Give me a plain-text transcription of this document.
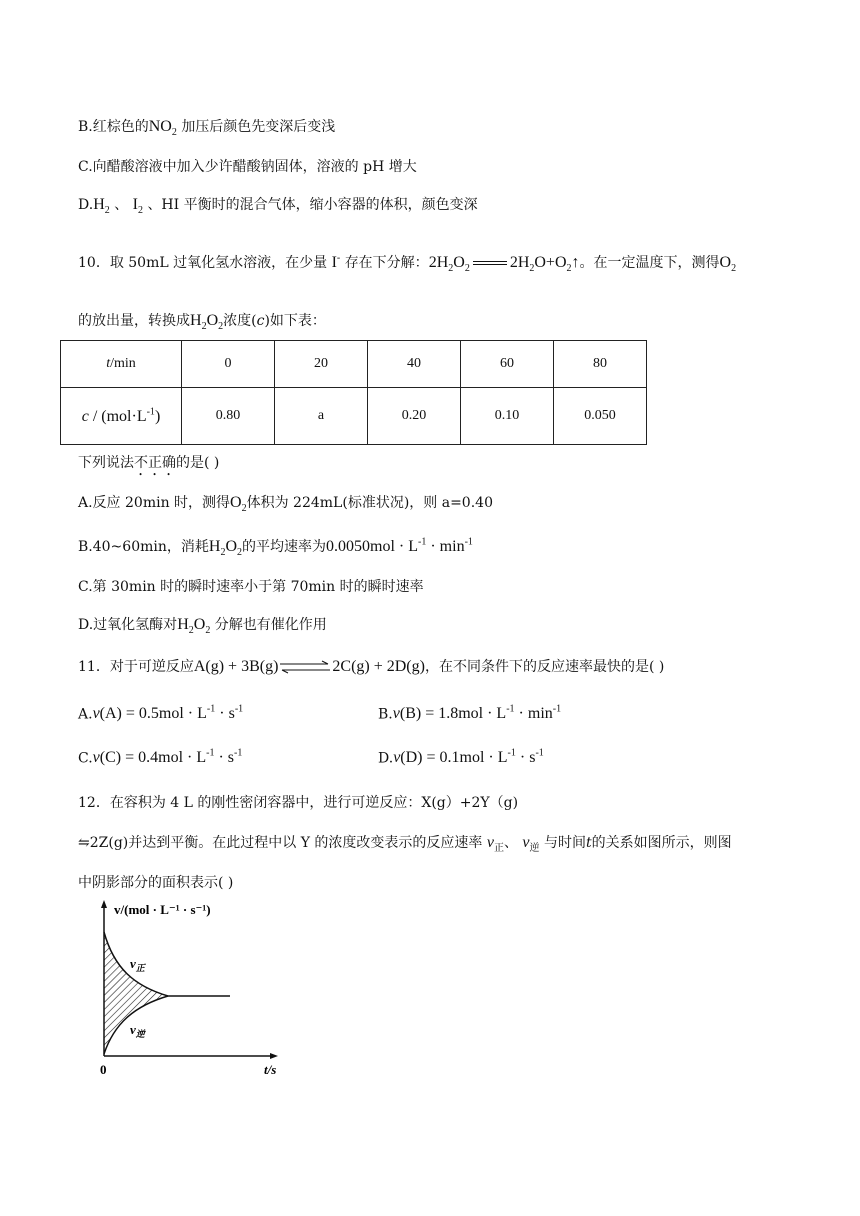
B.红棕色的$NO_2$ 加压后颜色先变深后变浅
C.向醋酸溶液中加入少许醋酸钠固体，溶液的 pH 增大
$D.H_2$ 、 $I_2$ 、HI 平衡时的混合气体，缩小容器的体积，颜色变深
10．取 50mL 过氧化氢水溶液，在少量 I- 存在下分解：$2H_2O_2$	$2H_2O+O_2↑$。在一定温度下，测得$O_2$
的放出量，转换成$H_2O_2$浓度(c)如下表：
t/min	0	20	40	60	80
$c / (mol\cdot L^{-1})$	0.80	a	0.20	0.10	0.050
下列说法不正确的是( )
A.反应 20min 时，测得$O_2$体积为 224mL(标准状况)，则 a=0.40
B.40~60min，消耗$H_2O_2$的平均速率为$0.0050mol \cdot L^{-1} \cdot \min^{-1}$
C.第 30min 时的瞬时速率小于第 70min 时的瞬时速率
D.过氧化氢酶对$H_2O_2$ 分解也有催化作用
11．对于可逆反应A(g) + 3B(g)⇌2C(g) + 2D(g)，在不同条件下的反应速率最快的是( )
$A.v(A) = 0.5mol \cdot L^{-1} \cdot s^{-1}$	$B.v(B) = 1.8mol \cdot L^{-1} \cdot \min^{-1}$
$C.v(C) = 0.4mol \cdot L^{-1} \cdot s^{-1}$	$D.v(D) = 0.1mol \cdot L^{-1} \cdot s^{-1}$
12．在容积为 4 L 的刚性密闭容器中，进行可逆反应：X(g）+2Y（g)
⇋2Z(g)并达到平衡。在此过程中以 Y 的浓度改变表示的反应速率 $v_正$、 $v_逆$ 与时间t的关系如图所示，则图
中阴影部分的面积表示( )
v/(mol · L⁻¹ · s⁻¹)
t/s
0
$v_正$
$v_逆$
